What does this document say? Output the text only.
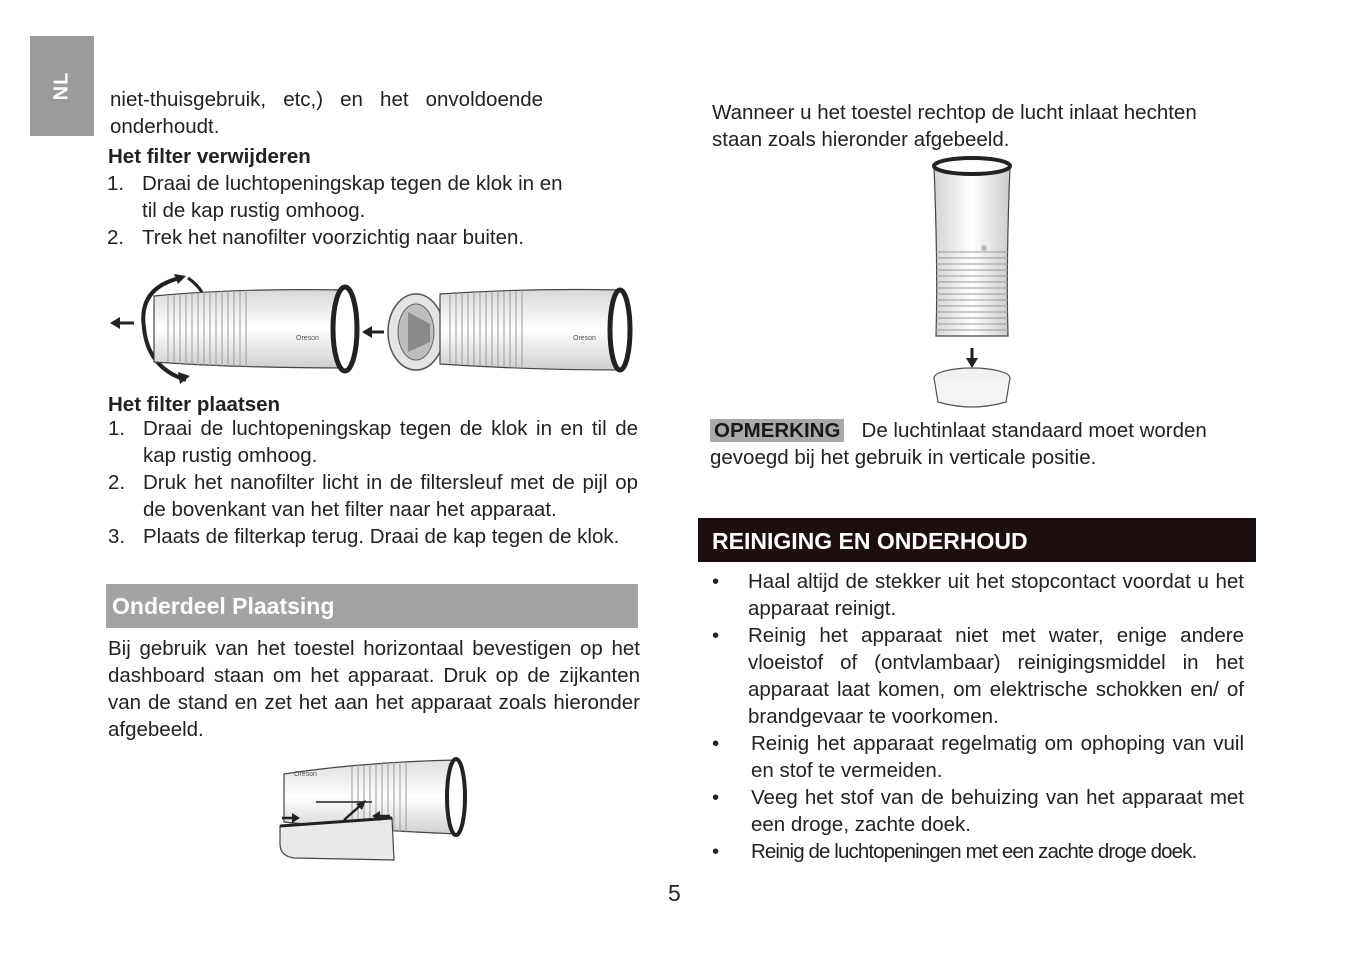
NL niet-thuisgebruik,   etc,)   en   het   onvoldoende

onderhoudt.

Het filter verwijderen

1. Draai de luchtopeningskap tegen de klok in en
til de kap rustig omhoog.
2. Trek het nanofilter voorzichtig naar buiten.
Oreson	Oreson

Het filter plaatsen

1. Draai de luchtopeningskap tegen de klok in en til de kap rustig omhoog.
2. Druk het nanofilter licht in de filtersleuf met de pijl op de bovenkant van het filter naar het apparaat.
3. Plaats de filterkap terug. Draai de kap tegen de klok.
Onderdeel Plaatsing

Bij gebruik van het toestel horizontaal bevestigen op het dashboard staan om het apparaat. Druk op de zijkanten van de stand en zet het aan het apparaat zoals hieronder afgebeeld.

Oreson

Wanneer u het toestel rechtop de lucht inlaat hechten staan zoals hieronder afgebeeld.

OPMERKING De luchtinlaat standaard moet worden gevoegd bij het gebruik in verticale positie.

REINIGING EN ONDERHOUD
• Haal altijd de stekker uit het stopcontact voordat u het apparaat reinigt.
• Reinig het apparaat niet met water, enige andere vloeistof of (ontvlambaar) reinigingsmiddel in het apparaat laat komen, om elektrische schokken en/ of brandgevaar te voorkomen.
• Reinig het apparaat regelmatig om ophoping van vuil en stof te vermeiden.
• Veeg het stof van de behuizing van het apparaat met een droge, zachte doek.
• Reinig de luchtopeningen met een zachte droge doek.
5
